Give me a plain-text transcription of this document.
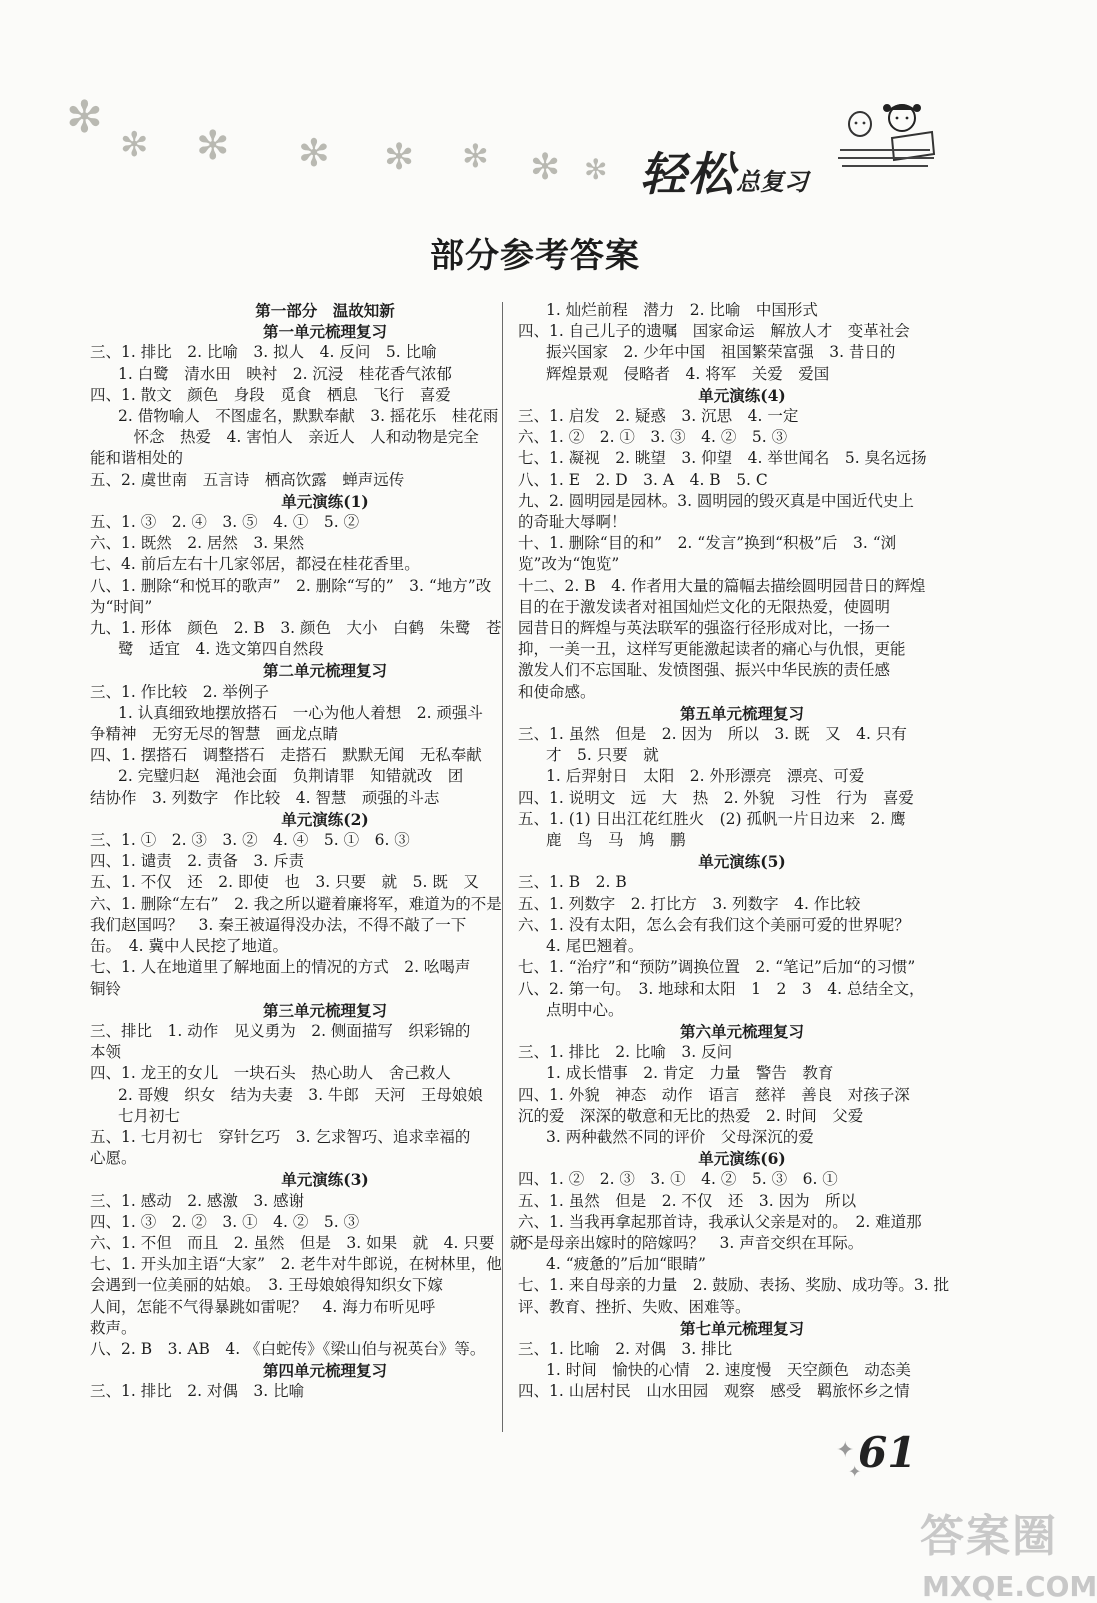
✻
✻ ✻ ✻ ✻ ✻ ✻ ✻ 轻松总复习
部分参考答案
第一部分　温故知新
第一单元梳理复习
三、1. 排比　2. 比喻　3. 拟人　4. 反问　5. 比喻
1. 白鹭　清水田　映衬　2. 沉浸　桂花香气浓郁
四、1. 散文　颜色　身段　觅食　栖息　飞行　喜爱
2. 借物喻人　不图虚名，默默奉献　3. 摇花乐　桂花雨
　怀念　热爱　4. 害怕人　亲近人　人和动物是完全
能和谐相处的
五、2. 虞世南　五言诗　栖高饮露　蝉声远传
单元演练(1)
五、1. ③　2. ④　3. ⑤　4. ①　5. ②
六、1. 既然　2. 居然　3. 果然
七、4. 前后左右十几家邻居，都浸在桂花香里。
八、1. 删除“和悦耳的歌声”　2. 删除“写的”　3. “地方”改
为“时间”
九、1. 形体　颜色　2. B　3. 颜色　大小　白鹤　朱鹭　苍
鹭　适宜　4. 选文第四自然段
第二单元梳理复习
三、1. 作比较　2. 举例子
1. 认真细致地摆放搭石　一心为他人着想　2. 顽强斗
争精神　无穷无尽的智慧　画龙点睛
四、1. 摆搭石　调整搭石　走搭石　默默无闻　无私奉献
2. 完璧归赵　渑池会面　负荆请罪　知错就改　团
结协作　3. 列数字　作比较　4. 智慧　顽强的斗志
单元演练(2)
三、1. ①　2. ③　3. ②　4. ④　5. ①　6. ③
四、1. 谴责　2. 责备　3. 斥责
五、1. 不仅　还　2. 即使　也　3. 只要　就　5. 既　又
六、1. 删除“左右”　2. 我之所以避着廉将军，难道为的不是
我们赵国吗？　3. 秦王被逼得没办法，不得不敲了一下
缶。　4. 冀中人民挖了地道。
七、1. 人在地道里了解地面上的情况的方式　2. 吆喝声
铜铃
第三单元梳理复习
三、排比　1. 动作　见义勇为　2. 侧面描写　织彩锦的
本领
四、1. 龙王的女儿　一块石头　热心助人　舍己救人
2. 哥嫂　织女　结为夫妻　3. 牛郎　天河　王母娘娘
七月初七
五、1. 七月初七　穿针乞巧　3. 乞求智巧、追求幸福的
心愿。
单元演练(3)
三、1. 感动　2. 感激　3. 感谢
四、1. ③　2. ②　3. ①　4. ②　5. ③
六、1. 不但　而且　2. 虽然　但是　3. 如果　就　4. 只要　就
七、1. 开头加主语“大家”　2. 老牛对牛郎说，在树林里，他
会遇到一位美丽的姑娘。　3. 王母娘娘得知织女下嫁
人间，怎能不气得暴跳如雷呢？　4. 海力布听见呼
救声。
八、2. B　3. AB　4. 《白蛇传》《梁山伯与祝英台》等。
第四单元梳理复习
三、1. 排比　2. 对偶　3. 比喻
1. 灿烂前程　潜力　2. 比喻　中国形式
四、1. 自己儿子的遗嘱　国家命运　解放人才　变革社会
振兴国家　2. 少年中国　祖国繁荣富强　3. 昔日的
辉煌景观　侵略者　4. 将军　关爱　爱国
单元演练(4)
三、1. 启发　2. 疑惑　3. 沉思　4. 一定
六、1. ②　2. ①　3. ③　4. ②　5. ③
七、1. 凝视　2. 眺望　3. 仰望　4. 举世闻名　5. 臭名远扬
八、1. E　2. D　3. A　4. B　5. C
九、2. 圆明园是园林。3. 圆明园的毁灭真是中国近代史上
的奇耻大辱啊！
十、1. 删除“目的和”　2. “发言”换到“积极”后　3. “浏
览”改为“饱览”
十二、2. B　4. 作者用大量的篇幅去描绘圆明园昔日的辉煌
目的在于激发读者对祖国灿烂文化的无限热爱，使圆明
园昔日的辉煌与英法联军的强盗行径形成对比，一扬一
抑，一美一丑，这样写更能激起读者的痛心与仇恨，更能
激发人们不忘国耻、发愤图强、振兴中华民族的责任感
和使命感。
第五单元梳理复习
三、1. 虽然　但是　2. 因为　所以　3. 既　又　4. 只有
才　5. 只要　就
1. 后羿射日　太阳　2. 外形漂亮　漂亮、可爱
四、1. 说明文　远　大　热　2. 外貌　习性　行为　喜爱
五、1. (1) 日出江花红胜火　(2) 孤帆一片日边来　2. 鹰
鹿　鸟　马　鸠　鹏
单元演练(5)
三、1. B　2. B
五、1. 列数字　2. 打比方　3. 列数字　4. 作比较
六、1. 没有太阳，怎么会有我们这个美丽可爱的世界呢？
4. 尾巴翘着。
七、1. “治疗”和“预防”调换位置　2. “笔记”后加“的习惯”
八、2. 第一句。　3. 地球和太阳　1　2　3　4. 总结全文，
点明中心。
第六单元梳理复习
三、1. 排比　2. 比喻　3. 反问
1. 成长惜事　2. 肯定　力量　警告　教育
四、1. 外貌　神态　动作　语言　慈祥　善良　对孩子深
沉的爱　深深的敬意和无比的热爱　2. 时间　父爱
3. 两种截然不同的评价　父母深沉的爱
单元演练(6)
四、1. ②　2. ③　3. ①　4. ②　5. ③　6. ①
五、1. 虽然　但是　2. 不仅　还　3. 因为　所以
六、1. 当我再拿起那首诗，我承认父亲是对的。　2. 难道那
不是母亲出嫁时的陪嫁吗？　3. 声音交织在耳际。
4. “疲惫的”后加“眼睛”
七、1. 来自母亲的力量　2. 鼓励、表扬、奖励、成功等。3. 批
评、教育、挫折、失败、困难等。
第七单元梳理复习
三、1. 比喻　2. 对偶　3. 排比
1. 时间　愉快的心情　2. 速度慢　天空颜色　动态美
四、1. 山居村民　山水田园　观察　感受　羁旅怀乡之情
✦
✦
61
答案圈
MXQE.COM
